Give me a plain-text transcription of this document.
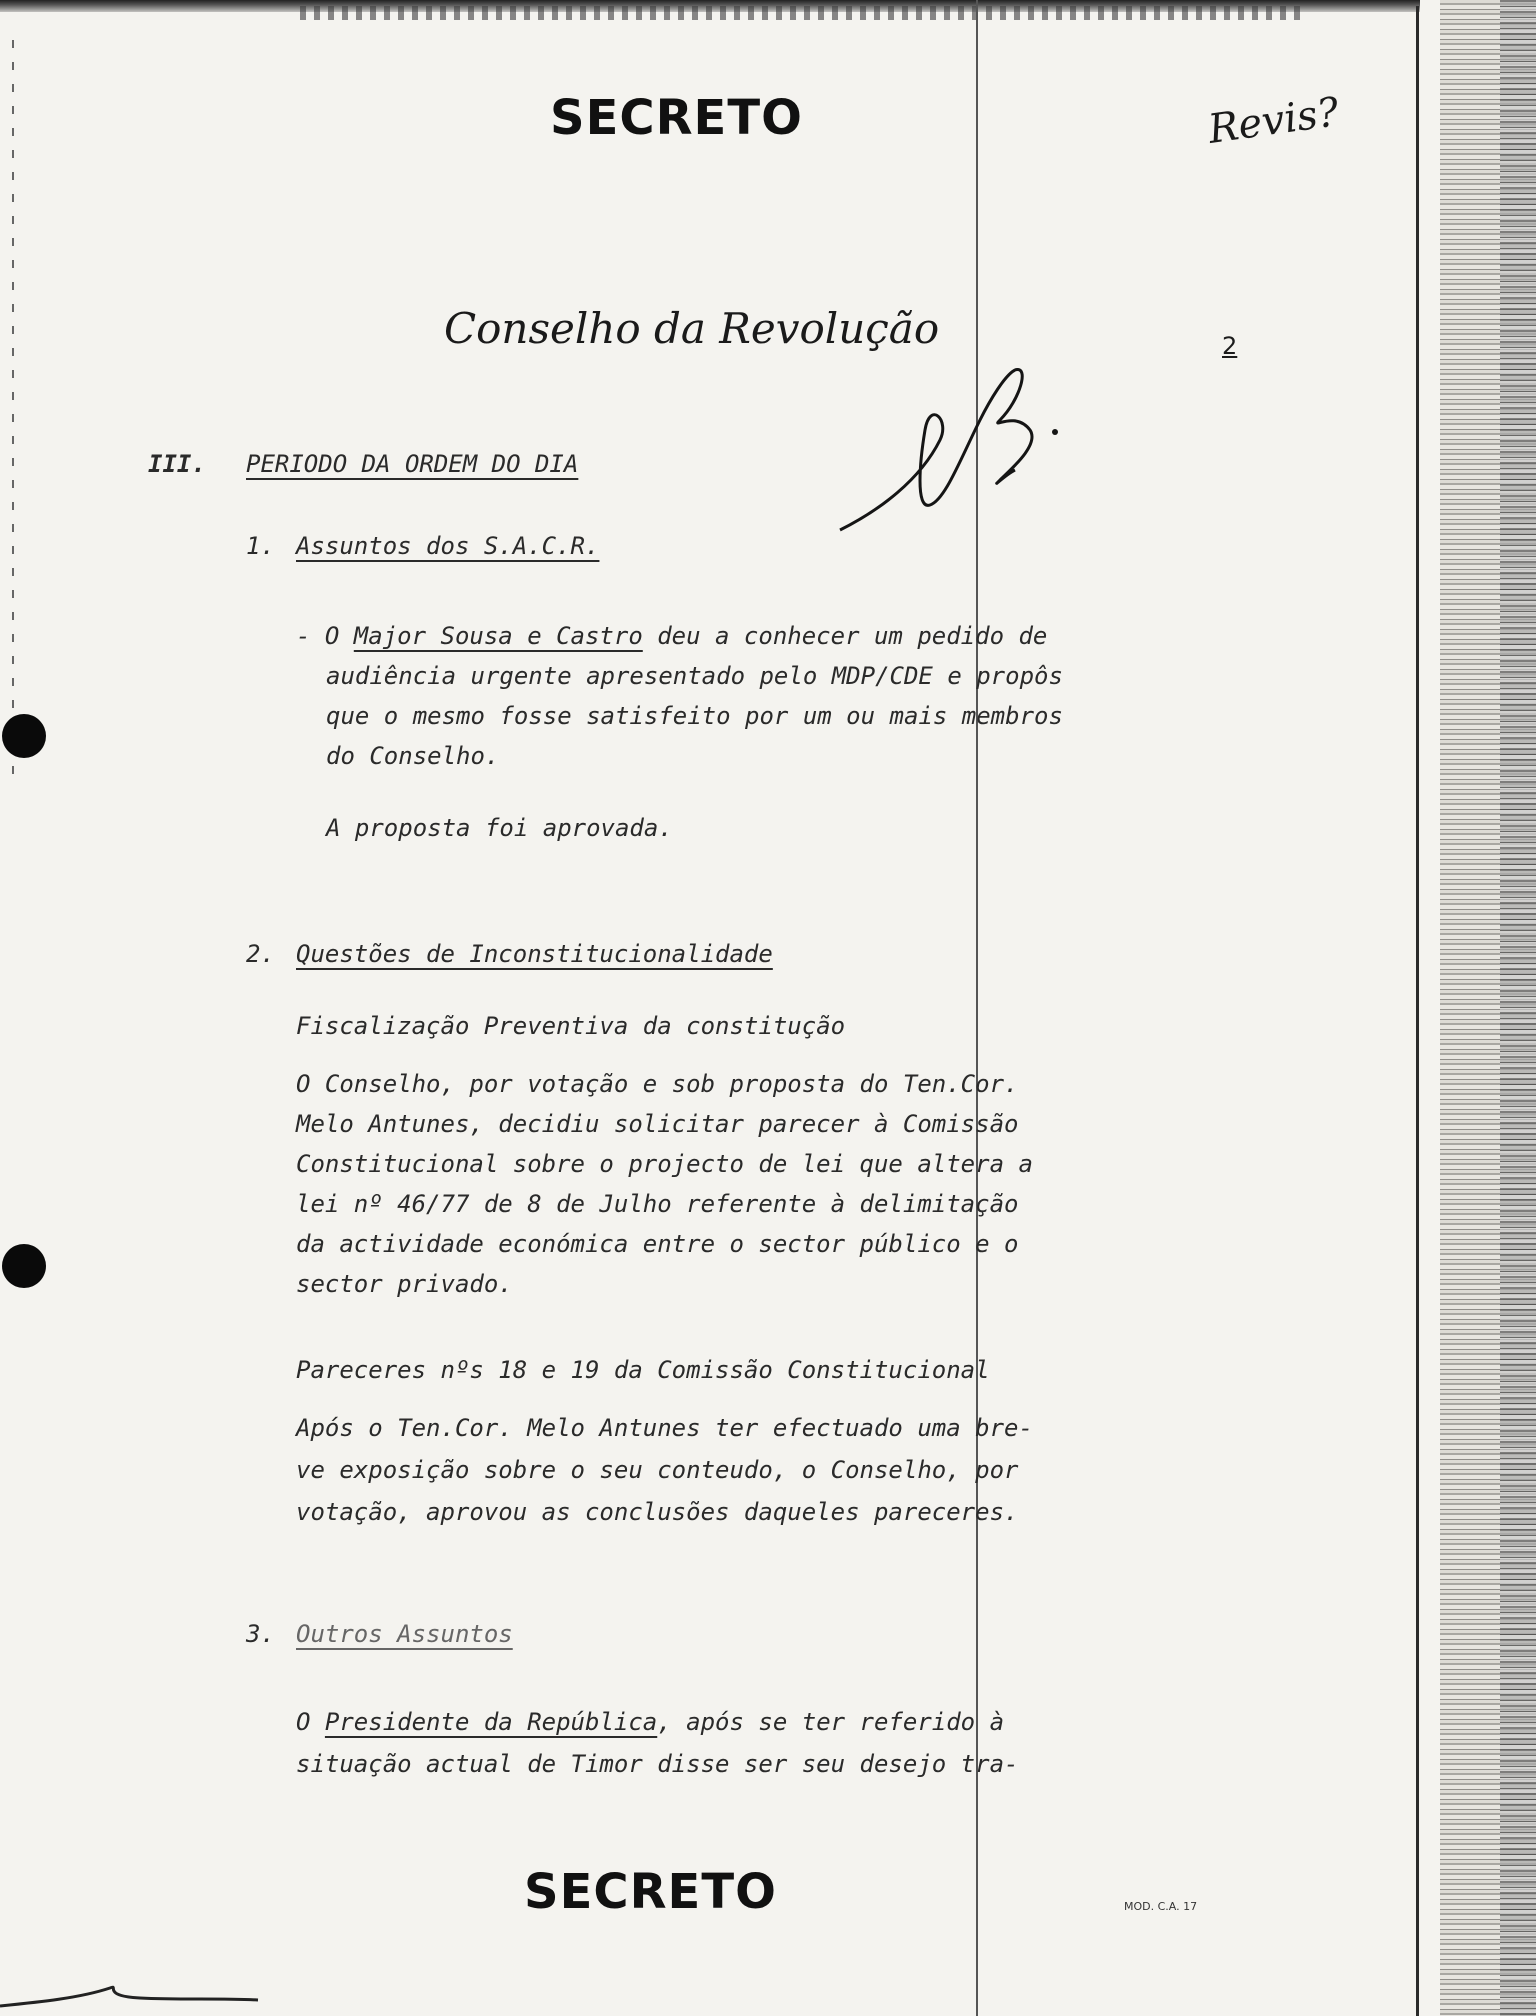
SECRETO	Revis?
Conselho da Revolução	2
III. PERIODO DA ORDEM DO DIA
1. Assuntos dos S.A.C.R.
- O Major Sousa e Castro deu a conhecer um pedido de
audiência urgente apresentado pelo MDP/CDE e propôs
que o mesmo fosse satisfeito por um ou mais membros
do Conselho.
A proposta foi aprovada.
2. Questões de Inconstitucionalidade
Fiscalização Preventiva da constitução
O Conselho, por votação e sob proposta do Ten.Cor.
Melo Antunes, decidiu solicitar parecer à Comissão
Constitucional sobre o projecto de lei que altera a
lei nº 46/77 de 8 de Julho referente à delimitação
da actividade económica entre o sector público e o
sector privado.
Pareceres nºs 18 e 19 da Comissão Constitucional
Após o Ten.Cor. Melo Antunes ter efectuado uma bre-
ve exposição sobre o seu conteudo, o Conselho, por
votação, aprovou as conclusões daqueles pareceres.
3. Outros Assuntos
O Presidente da República, após se ter referido à
situação actual de Timor disse ser seu desejo tra-
SECRETO	MOD. C.A. 17
